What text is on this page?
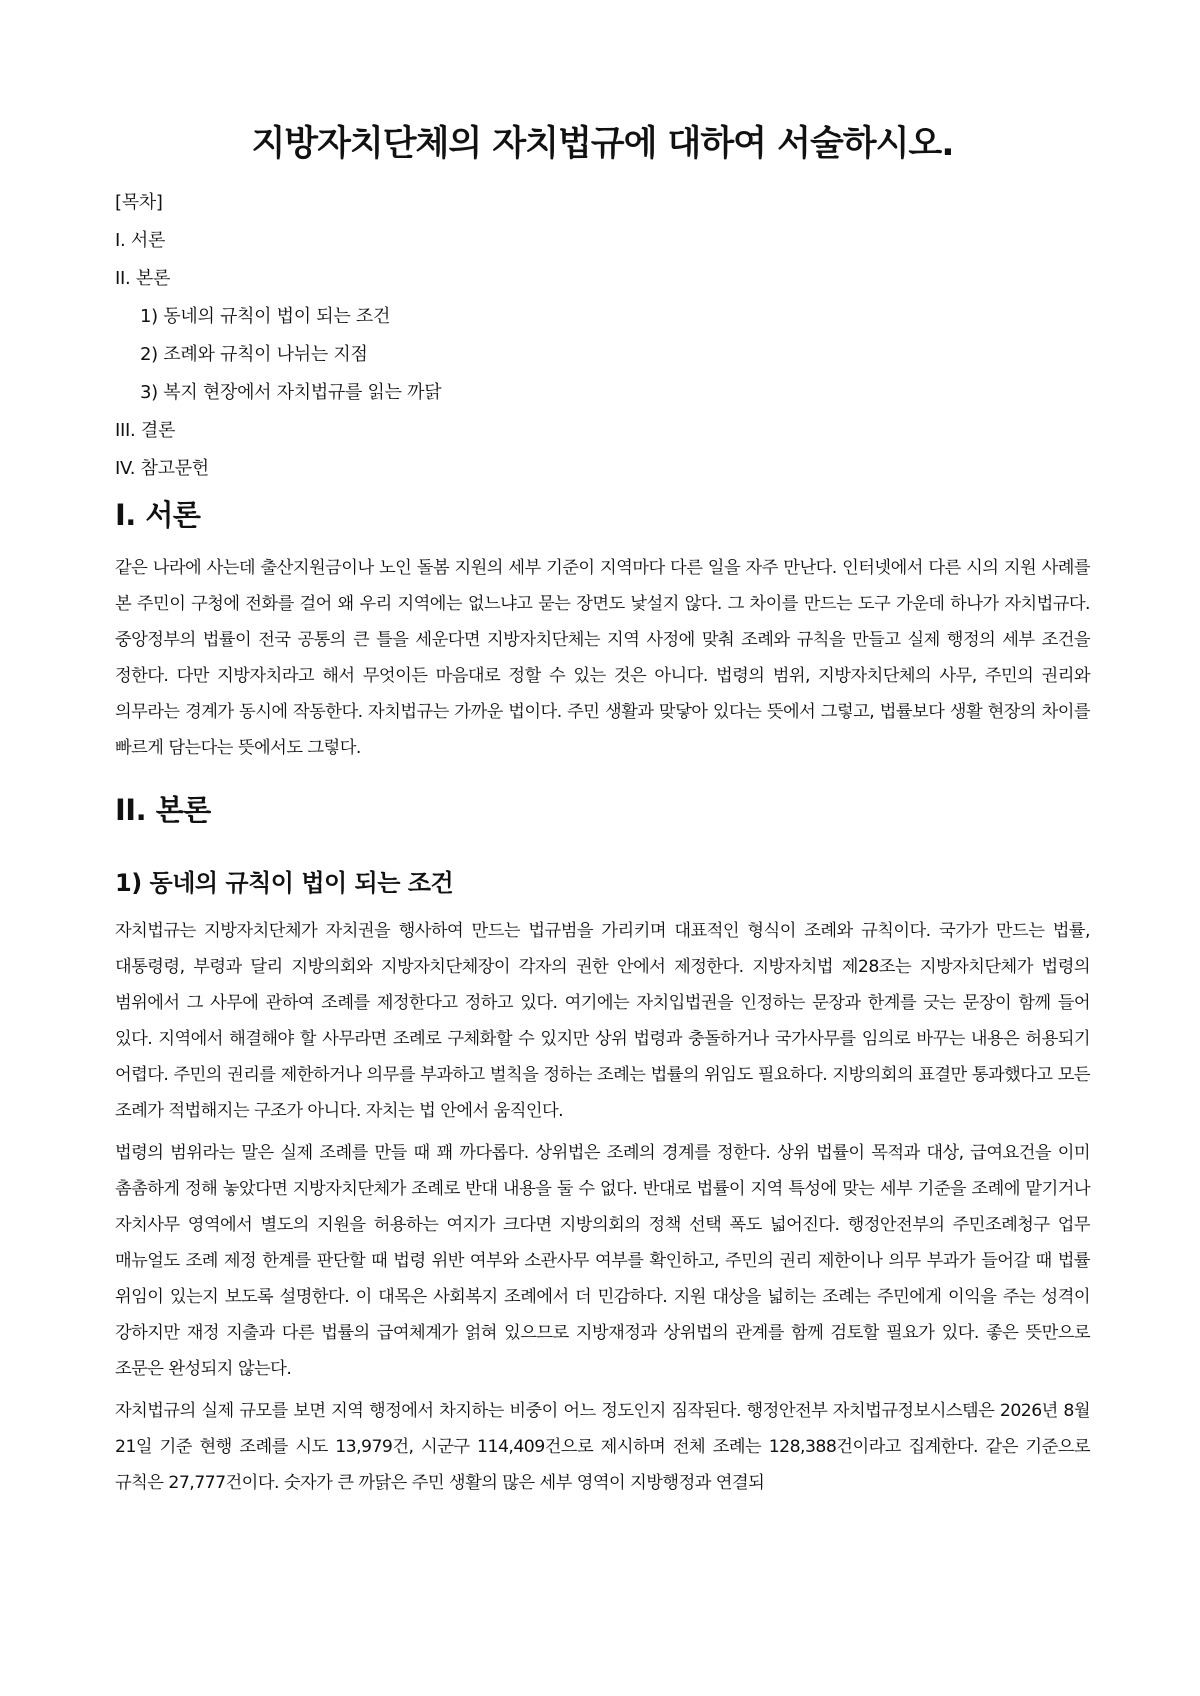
지방자치단체의 자치법규에 대하여 서술하시오.
[목차]
I. 서론
II. 본론
1) 동네의 규칙이 법이 되는 조건
2) 조례와 규칙이 나뉘는 지점
3) 복지 현장에서 자치법규를 읽는 까닭
III. 결론
IV. 참고문헌
I. 서론

같은 나라에 사는데 출산지원금이나 노인 돌봄 지원의 세부 기준이 지역마다 다른 일을 자주 만난다. 인터넷에서 다른 시의 지원 사례를 본 주민이 구청에 전화를 걸어 왜 우리 지역에는 없느냐고 묻는 장면도 낯설지 않다. 그 차이를 만드는 도구 가운데 하나가 자치법규다. 중앙정부의 법률이 전국 공통의 큰 틀을 세운다면 지방자치단체는 지역 사정에 맞춰 조례와 규칙을 만들고 실제 행정의 세부 조건을 정한다. 다만 지방자치라고 해서 무엇이든 마음대로 정할 수 있는 것은 아니다. 법령의 범위, 지방자치단체의 사무, 주민의 권리와 의무라는 경계가 동시에 작동한다. 자치법규는 가까운 법이다. 주민 생활과 맞닿아 있다는 뜻에서 그렇고, 법률보다 생활 현장의 차이를 빠르게 담는다는 뜻에서도 그렇다.

II. 본론
1) 동네의 규칙이 법이 되는 조건

자치법규는 지방자치단체가 자치권을 행사하여 만드는 법규범을 가리키며 대표적인 형식이 조례와 규칙이다. 국가가 만드는 법률, 대통령령, 부령과 달리 지방의회와 지방자치단체장이 각자의 권한 안에서 제정한다. 지방자치법 제28조는 지방자치단체가 법령의 범위에서 그 사무에 관하여 조례를 제정한다고 정하고 있다. 여기에는 자치입법권을 인정하는 문장과 한계를 긋는 문장이 함께 들어 있다. 지역에서 해결해야 할 사무라면 조례로 구체화할 수 있지만 상위 법령과 충돌하거나 국가사무를 임의로 바꾸는 내용은 허용되기 어렵다. 주민의 권리를 제한하거나 의무를 부과하고 벌칙을 정하는 조례는 법률의 위임도 필요하다. 지방의회의 표결만 통과했다고 모든 조례가 적법해지는 구조가 아니다. 자치는 법 안에서 움직인다.

법령의 범위라는 말은 실제 조례를 만들 때 꽤 까다롭다. 상위법은 조례의 경계를 정한다. 상위 법률이 목적과 대상, 급여요건을 이미 촘촘하게 정해 놓았다면 지방자치단체가 조례로 반대 내용을 둘 수 없다. 반대로 법률이 지역 특성에 맞는 세부 기준을 조례에 맡기거나 자치사무 영역에서 별도의 지원을 허용하는 여지가 크다면 지방의회의 정책 선택 폭도 넓어진다. 행정안전부의 주민조례청구 업무 매뉴얼도 조례 제정 한계를 판단할 때 법령 위반 여부와 소관사무 여부를 확인하고, 주민의 권리 제한이나 의무 부과가 들어갈 때 법률 위임이 있는지 보도록 설명한다. 이 대목은 사회복지 조례에서 더 민감하다. 지원 대상을 넓히는 조례는 주민에게 이익을 주는 성격이 강하지만 재정 지출과 다른 법률의 급여체계가 얽혀 있으므로 지방재정과 상위법의 관계를 함께 검토할 필요가 있다. 좋은 뜻만으로 조문은 완성되지 않는다.

자치법규의 실제 규모를 보면 지역 행정에서 차지하는 비중이 어느 정도인지 짐작된다. 행정안전부 자치법규정보시스템은 2026년 8월 21일 기준 현행 조례를 시도 13,979건, 시군구 114,409건으로 제시하며 전체 조례는 128,388건이라고 집계한다. 같은 기준으로 규칙은 27,777건이다. 숫자가 큰 까닭은 주민 생활의 많은 세부 영역이 지방행정과 연결되
